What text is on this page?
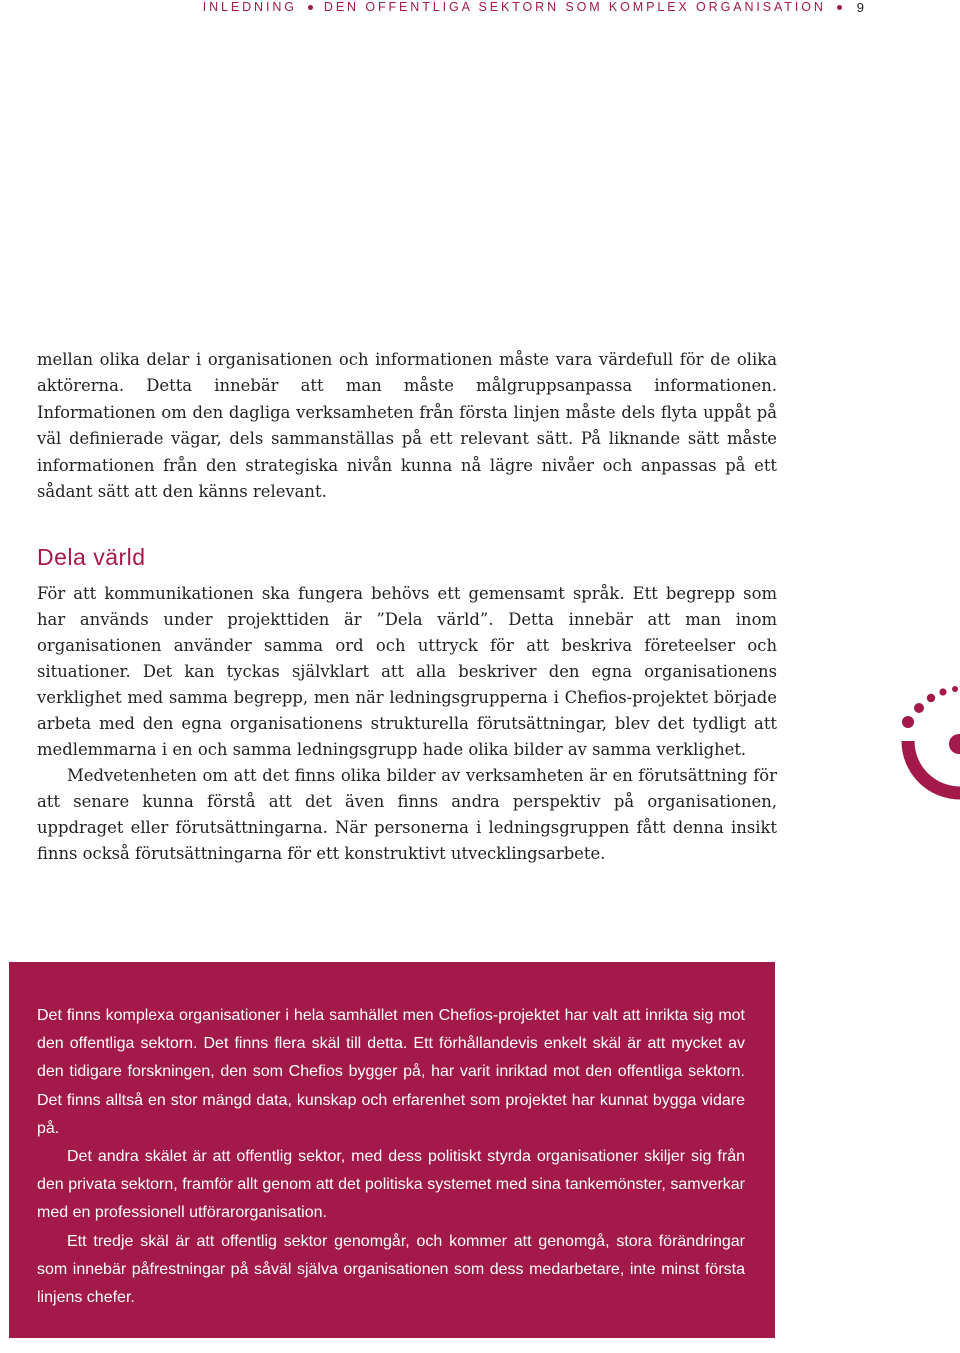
INLEDNING DEN OFFENTLIGA SEKTORN SOM KOMPLEX ORGANISATION 9

mellan olika delar i organisationen och informationen måste vara värdefull för de olika aktörerna. Detta innebär att man måste målgruppsanpassa informationen. Informationen om den dagliga verksamheten från första linjen måste dels flyta uppåt på väl definierade vägar, dels sammanställas på ett relevant sätt. På liknande sätt måste informationen från den strategiska nivån kunna nå lägre nivåer och anpassas på ett sådant sätt att den känns relevant.

Dela värld

För att kommunikationen ska fungera behövs ett gemensamt språk. Ett begrepp som har används under projekttiden är ”Dela värld”. Detta innebär att man inom organisationen använder samma ord och uttryck för att beskriva företeelser och situationer. Det kan tyckas självklart att alla beskriver den egna organisationens verklighet med samma begrepp, men när ledningsgrupperna i Chefios-projektet började arbeta med den egna organisationens strukturella förutsättningar, blev det tydligt att medlemmarna i en och samma ledningsgrupp hade olika bilder av samma verklighet.

Medvetenheten om att det finns olika bilder av verksamheten är en förutsättning för att senare kunna förstå att det även finns andra perspektiv på organisationen, uppdraget eller förutsättningarna. När personerna i ledningsgruppen fått denna insikt finns också förutsättningarna för ett konstruktivt utvecklingsarbete.

Det finns komplexa organisationer i hela samhället men Chefios-projektet har valt att inrikta sig mot den offentliga sektorn. Det finns flera skäl till detta. Ett förhållandevis enkelt skäl är att mycket av den tidigare forskningen, den som Chefios bygger på, har varit inriktad mot den offentliga sektorn. Det finns alltså en stor mängd data, kunskap och erfarenhet som projektet har kunnat bygga vidare på.

Det andra skälet är att offentlig sektor, med dess politiskt styrda organisationer skiljer sig från den privata sektorn, framför allt genom att det politiska systemet med sina tankemönster, samverkar med en professionell utförarorganisation.

Ett tredje skäl är att offentlig sektor genomgår, och kommer att genomgå, stora förändringar som innebär påfrestningar på såväl själva organisationen som dess medarbetare, inte minst första linjens chefer.
